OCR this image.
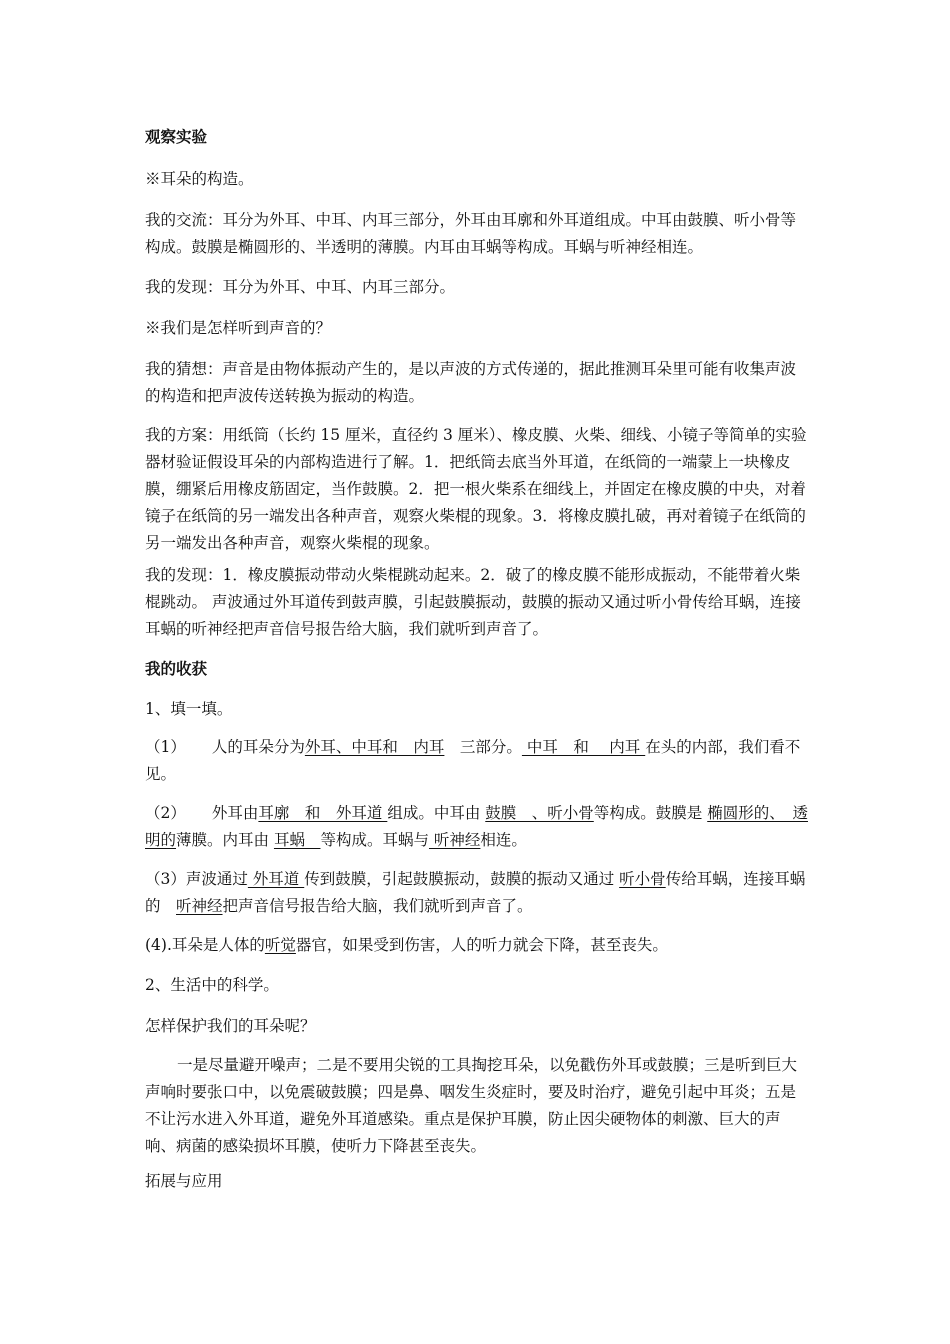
观察实验

※耳朵的构造。

我的交流：耳分为外耳、中耳、内耳三部分，外耳由耳廓和外耳道组成。中耳由鼓膜、听小骨等构成。鼓膜是椭圆形的、半透明的薄膜。内耳由耳蜗等构成。耳蜗与听神经相连。

我的发现：耳分为外耳、中耳、内耳三部分。

※我们是怎样听到声音的？

我的猜想：声音是由物体振动产生的，是以声波的方式传递的，据此推测耳朵里可能有收集声波的构造和把声波传送转换为振动的构造。

我的方案：用纸筒（长约 15 厘米，直径约 3 厘米）、橡皮膜、火柴、细线、小镜子等简单的实验器材验证假设耳朵的内部构造进行了解。1．把纸筒去底当外耳道，在纸筒的一端蒙上一块橡皮膜，绷紧后用橡皮筋固定，当作鼓膜。2．把一根火柴系在细线上，并固定在橡皮膜的中央，对着镜子在纸筒的另一端发出各种声音，观察火柴棍的现象。3．将橡皮膜扎破，再对着镜子在纸筒的另一端发出各种声音，观察火柴棍的现象。

我的发现：1．橡皮膜振动带动火柴棍跳动起来。2．破了的橡皮膜不能形成振动，不能带着火柴棍跳动。 声波通过外耳道传到鼓声膜，引起鼓膜振动，鼓膜的振动又通过听小骨传给耳蜗，连接耳蜗的听神经把声音信号报告给大脑，我们就听到声音了。

我的收获

1、填一填。

（1） 人的耳朵分为外耳、中耳和　内耳　三部分。 中耳　和　 内耳 在头的内部，我们看不见。

（2） 外耳由耳廓　和　外耳道 组成。中耳由 鼓膜　、听小骨等构成。鼓膜是 椭圆形的、　透明的薄膜。内耳由 耳蜗　等构成。耳蜗与 听神经相连。

（3）声波通过 外耳道 传到鼓膜，引起鼓膜振动，鼓膜的振动又通过 听小骨传给耳蜗，连接耳蜗的　听神经把声音信号报告给大脑，我们就听到声音了。

(4).耳朵是人体的听觉器官，如果受到伤害，人的听力就会下降，甚至丧失。

2、生活中的科学。

怎样保护我们的耳朵呢？

一是尽量避开噪声；二是不要用尖锐的工具掏挖耳朵，以免戳伤外耳或鼓膜；三是听到巨大声响时要张口中，以免震破鼓膜；四是鼻、咽发生炎症时，要及时治疗，避免引起中耳炎；五是不让污水进入外耳道，避免外耳道感染。重点是保护耳膜，防止因尖硬物体的刺激、巨大的声响、病菌的感染损坏耳膜，使听力下降甚至丧失。

拓展与应用
